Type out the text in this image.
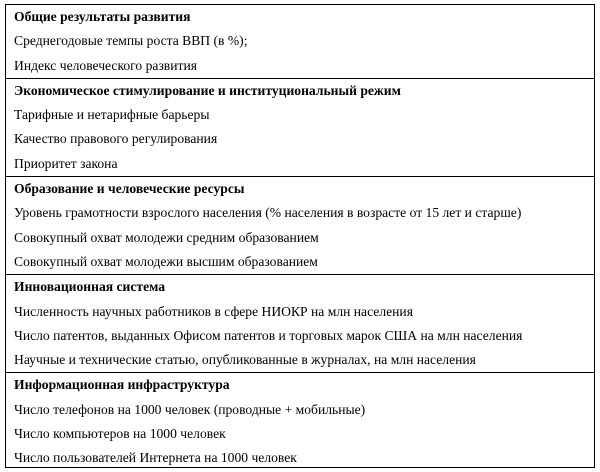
Общие результаты развития
Среднегодовые темпы роста ВВП (в %);
Индекс человеческого развития
Экономическое стимулирование и институциональный режим
Тарифные и нетарифные барьеры
Качество правового регулирования
Приоритет закона
Образование и человеческие ресурсы
Уровень грамотности взрослого населения (% населения в возрасте от 15 лет и старше)
Совокупный охват молодежи средним образованием
Совокупный охват молодежи высшим образованием
Инновационная система
Численность научных работников в сфере НИОКР на млн населения
Число патентов, выданных Офисом патентов и торговых марок США на млн населения
Научные и технические статью, опубликованные в журналах, на млн населения
Информационная инфраструктура
Число телефонов на 1000 человек (проводные + мобильные)
Число компьютеров на 1000 человек
Число пользователей Интернета на 1000 человек
